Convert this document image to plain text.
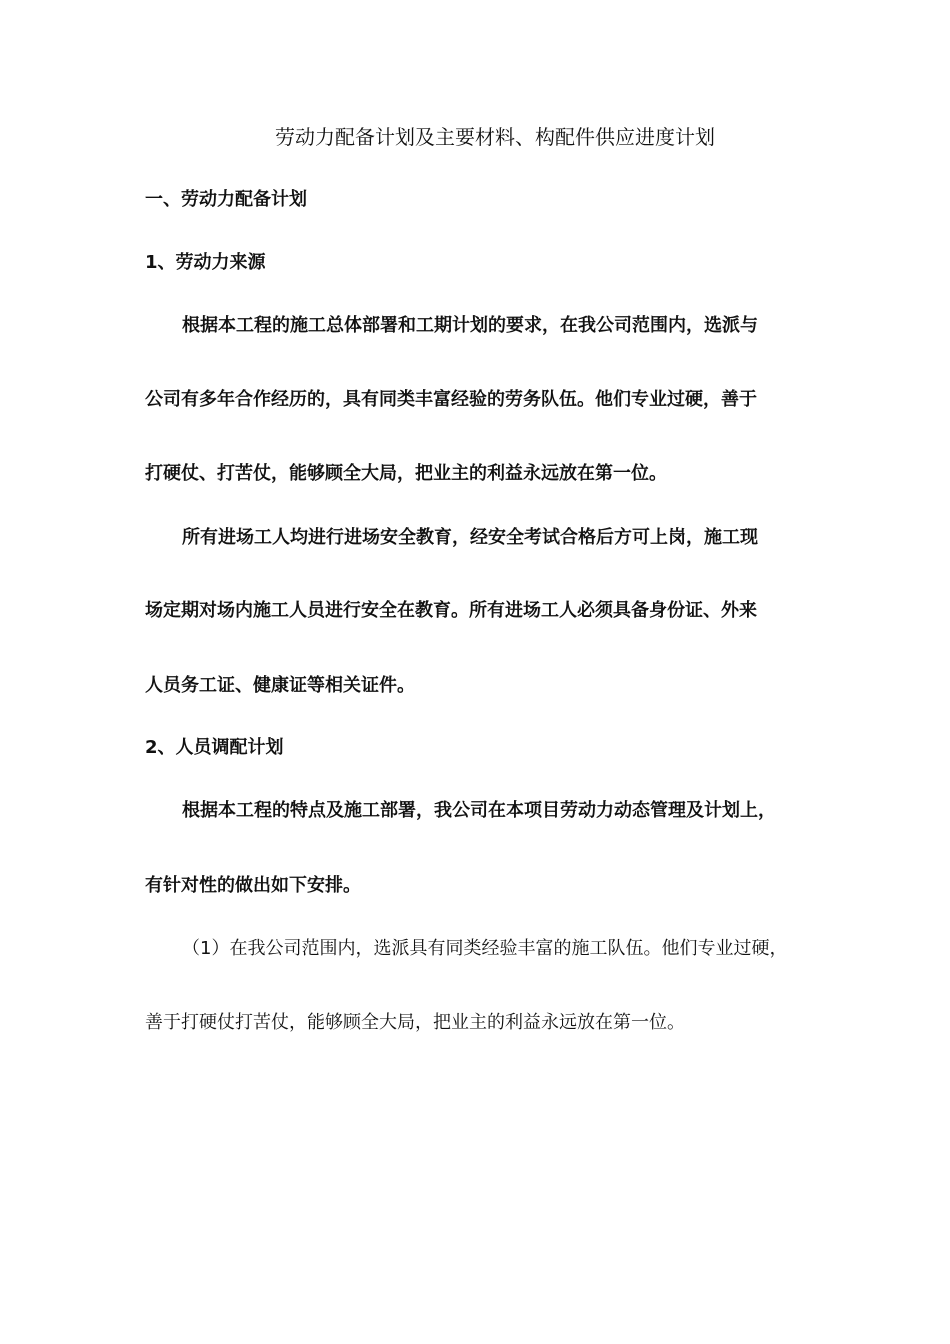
劳动力配备计划及主要材料、构配件供应进度计划
一、劳动力配备计划
1、劳动力来源

根据本工程的施工总体部署和工期计划的要求，在我公司范围内，选派与

公司有多年合作经历的，具有同类丰富经验的劳务队伍。他们专业过硬，善于

打硬仗、打苦仗，能够顾全大局，把业主的利益永远放在第一位。

所有进场工人均进行进场安全教育，经安全考试合格后方可上岗，施工现

场定期对场内施工人员进行安全在教育。所有进场工人必须具备身份证、外来

人员务工证、健康证等相关证件。

2、人员调配计划

根据本工程的特点及施工部署，我公司在本项目劳动力动态管理及计划上，

有针对性的做出如下安排。

（1）在我公司范围内，选派具有同类经验丰富的施工队伍。他们专业过硬，

善于打硬仗打苦仗，能够顾全大局，把业主的利益永远放在第一位。
